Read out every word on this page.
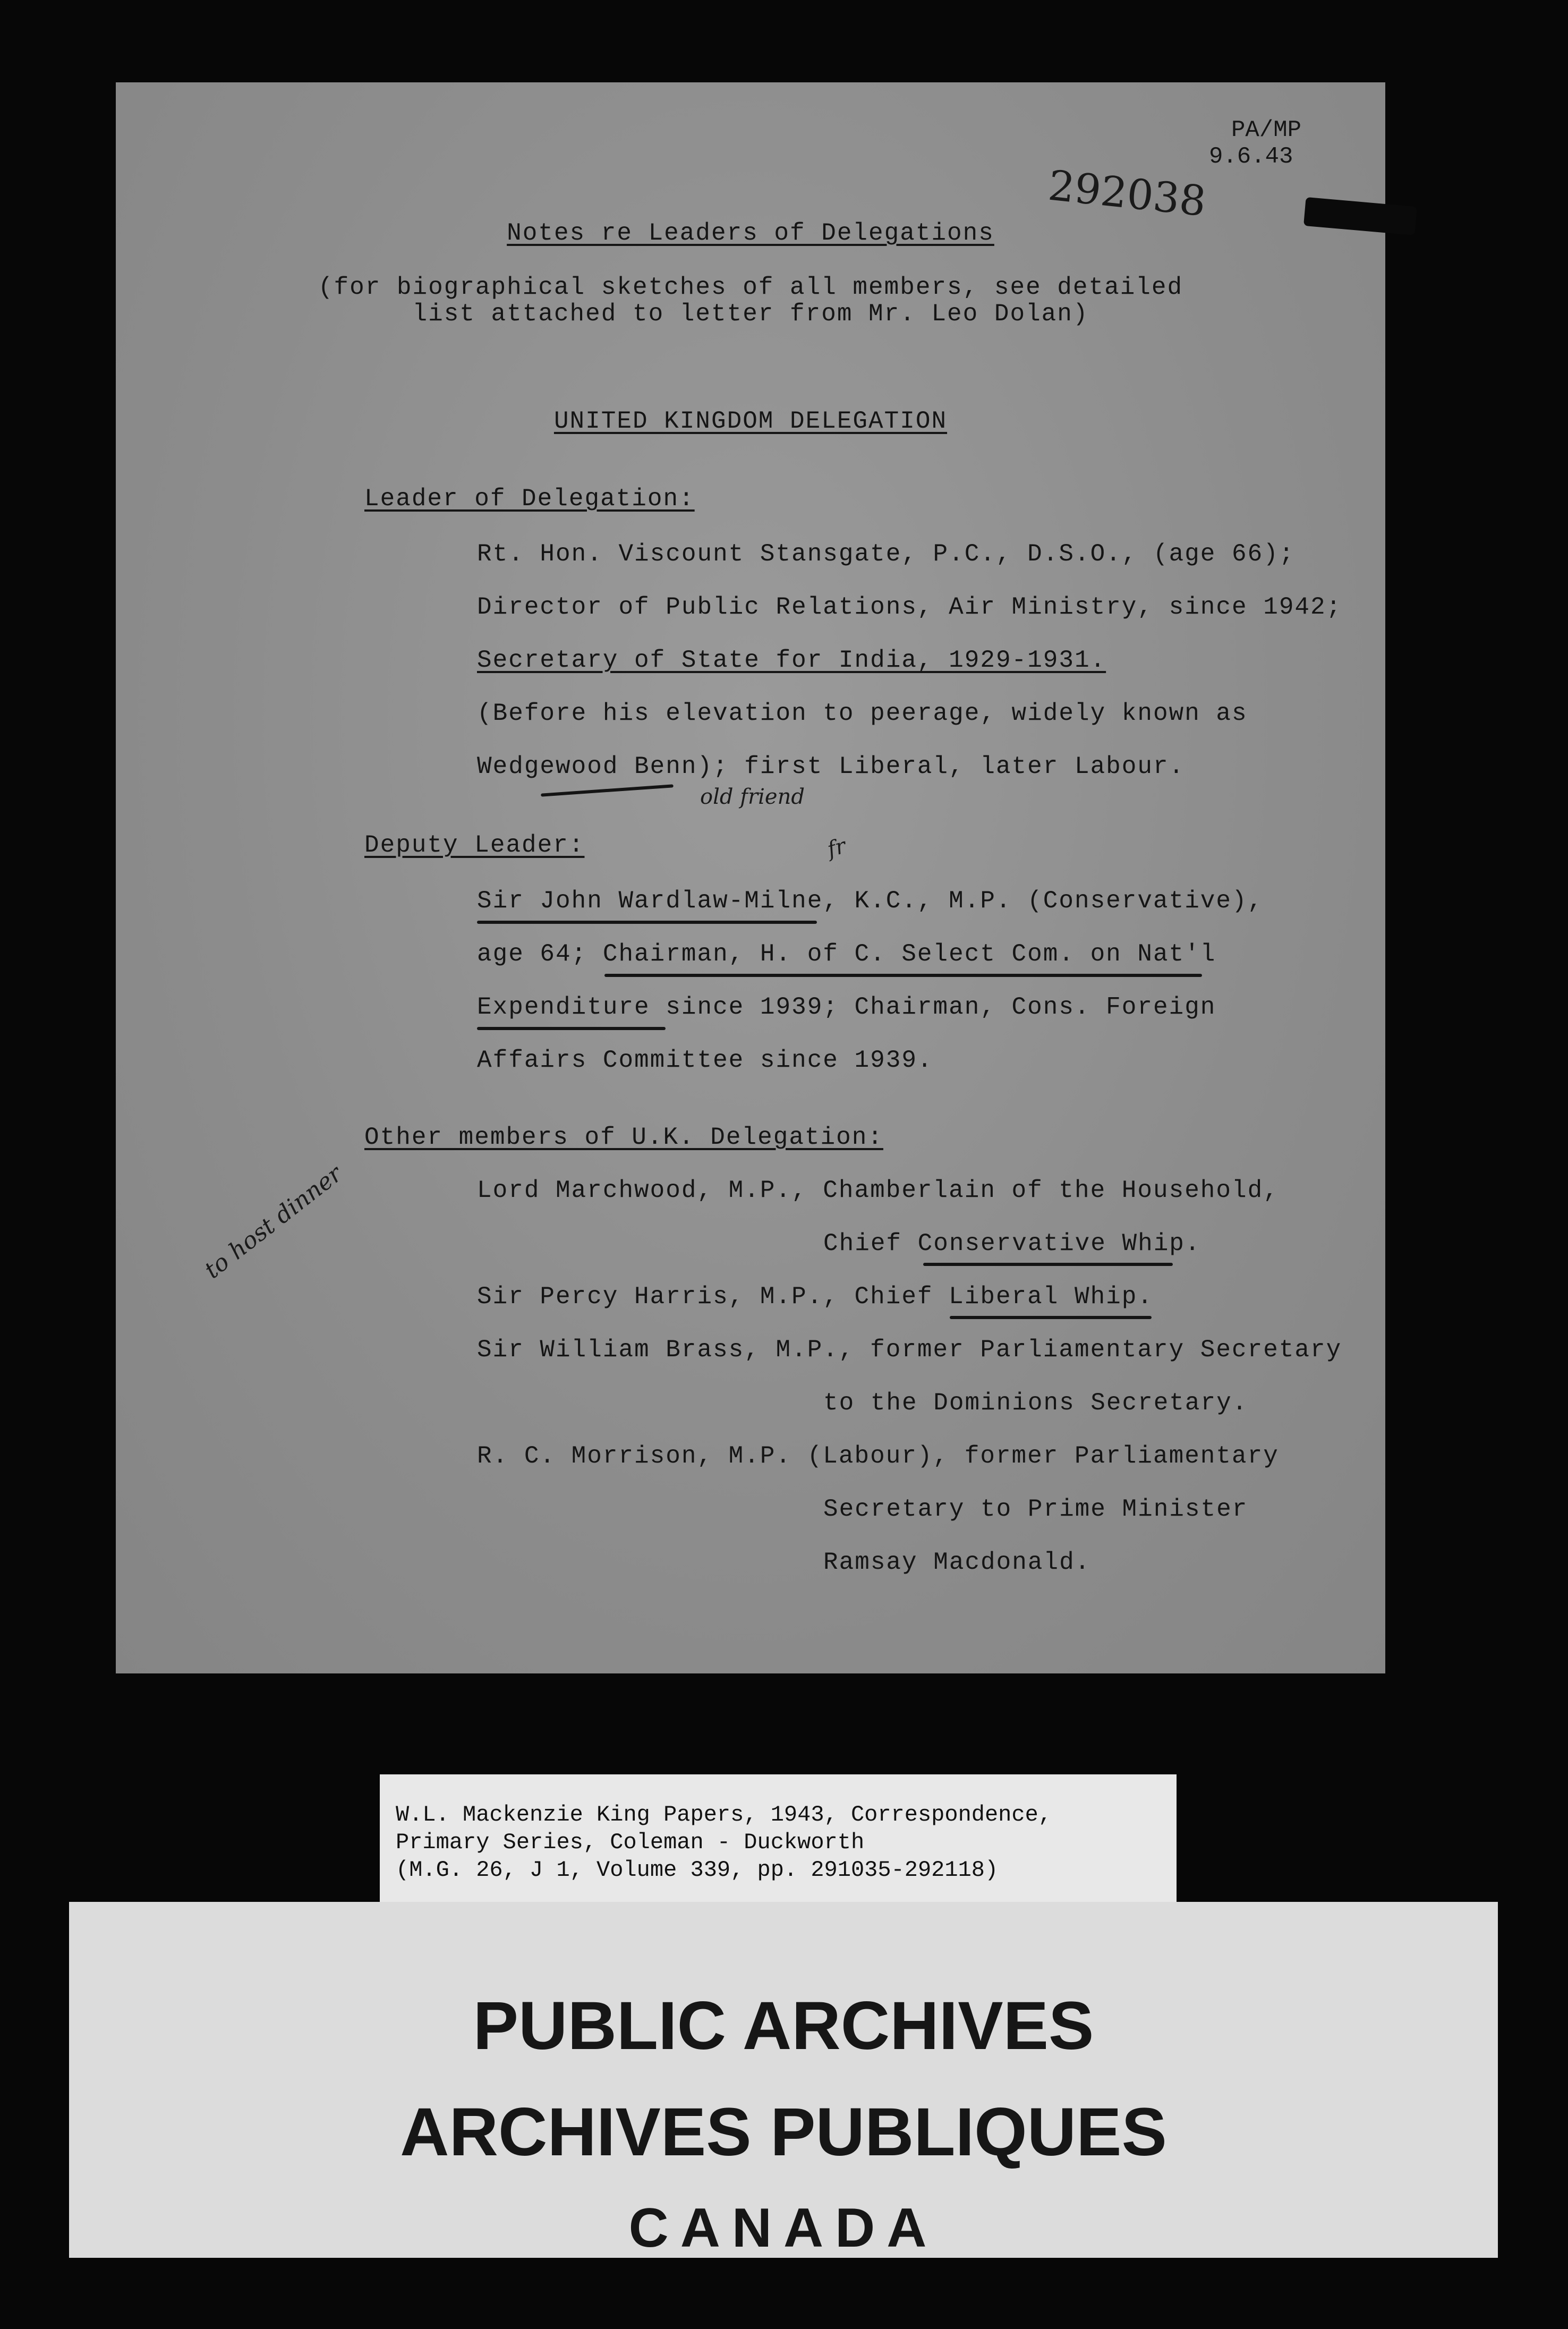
PA/MP
9.6.43
292038
Notes re Leaders of Delegations
(for biographical sketches of all members, see detailed
list attached to letter from Mr. Leo Dolan)
UNITED KINGDOM DELEGATION
Leader of Delegation:
Rt. Hon. Viscount Stansgate, P.C., D.S.O., (age 66);
Director of Public Relations, Air Ministry, since 1942;
Secretary of State for India, 1929-1931.
(Before his elevation to peerage, widely known as
Wedgewood Benn); first Liberal, later Labour.
old friend
Deputy Leader:	fr
Sir John Wardlaw-Milne, K.C., M.P. (Conservative),
age 64; Chairman, H. of C. Select Com. on Nat'l
Expenditure since 1939; Chairman, Cons. Foreign
Affairs Committee since 1939.
Other members of U.K. Delegation:
to host dinner	Lord Marchwood, M.P., Chamberlain of the Household,
Chief Conservative Whip.
Sir Percy Harris, M.P., Chief Liberal Whip.
Sir William Brass, M.P., former Parliamentary Secretary
to the Dominions Secretary.
R. C. Morrison, M.P. (Labour), former Parliamentary
Secretary to Prime Minister
Ramsay Macdonald.
W.L. Mackenzie King Papers, 1943, Correspondence,
Primary Series, Coleman - Duckworth
(M.G. 26, J 1, Volume 339, pp. 291035-292118)
PUBLIC ARCHIVES
ARCHIVES PUBLIQUES
CANADA
